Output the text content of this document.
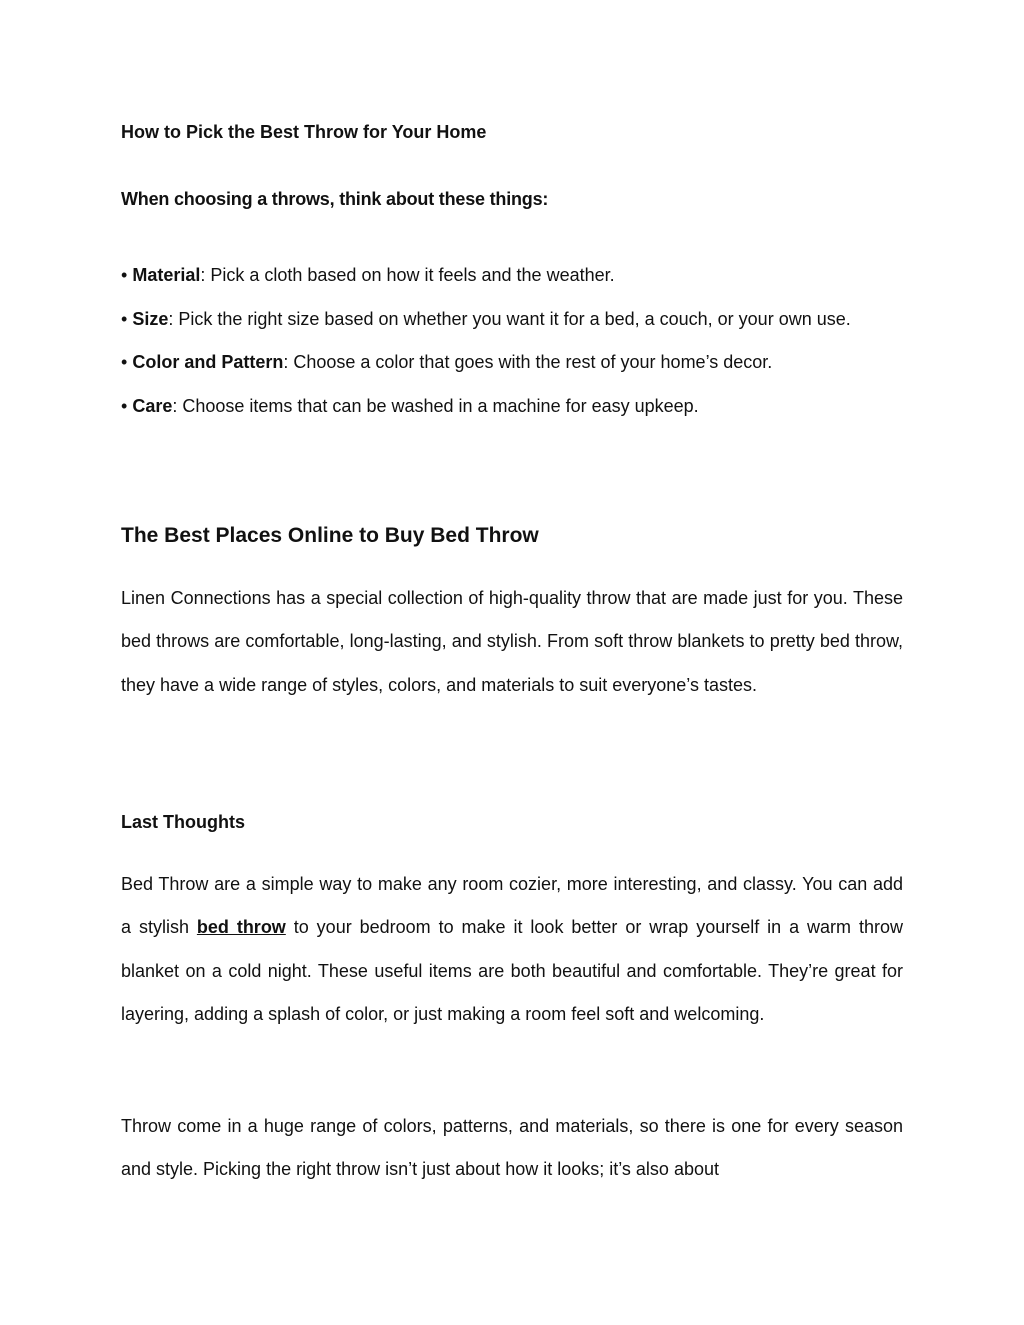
How to Pick the Best Throw for Your Home
When choosing a throws, think about these things:
• Material: Pick a cloth based on how it feels and the weather.
• Size: Pick the right size based on whether you want it for a bed, a couch, or your own use.
• Color and Pattern: Choose a color that goes with the rest of your home’s decor.
• Care: Choose items that can be washed in a machine for easy upkeep.
The Best Places Online to Buy Bed Throw

Linen Connections has a special collection of high-quality throw that are made just for you. These bed throws are comfortable, long-lasting, and stylish. From soft throw blankets to pretty bed throw, they have a wide range of styles, colors, and materials to suit everyone’s tastes.

Last Thoughts

Bed Throw are a simple way to make any room cozier, more interesting, and classy. You can add a stylish bed throw to your bedroom to make it look better or wrap yourself in a warm throw blanket on a cold night. These useful items are both beautiful and comfortable. They’re great for layering, adding a splash of color, or just making a room feel soft and welcoming.

Throw come in a huge range of colors, patterns, and materials, so there is one for every season and style. Picking the right throw isn’t just about how it looks; it’s also about
